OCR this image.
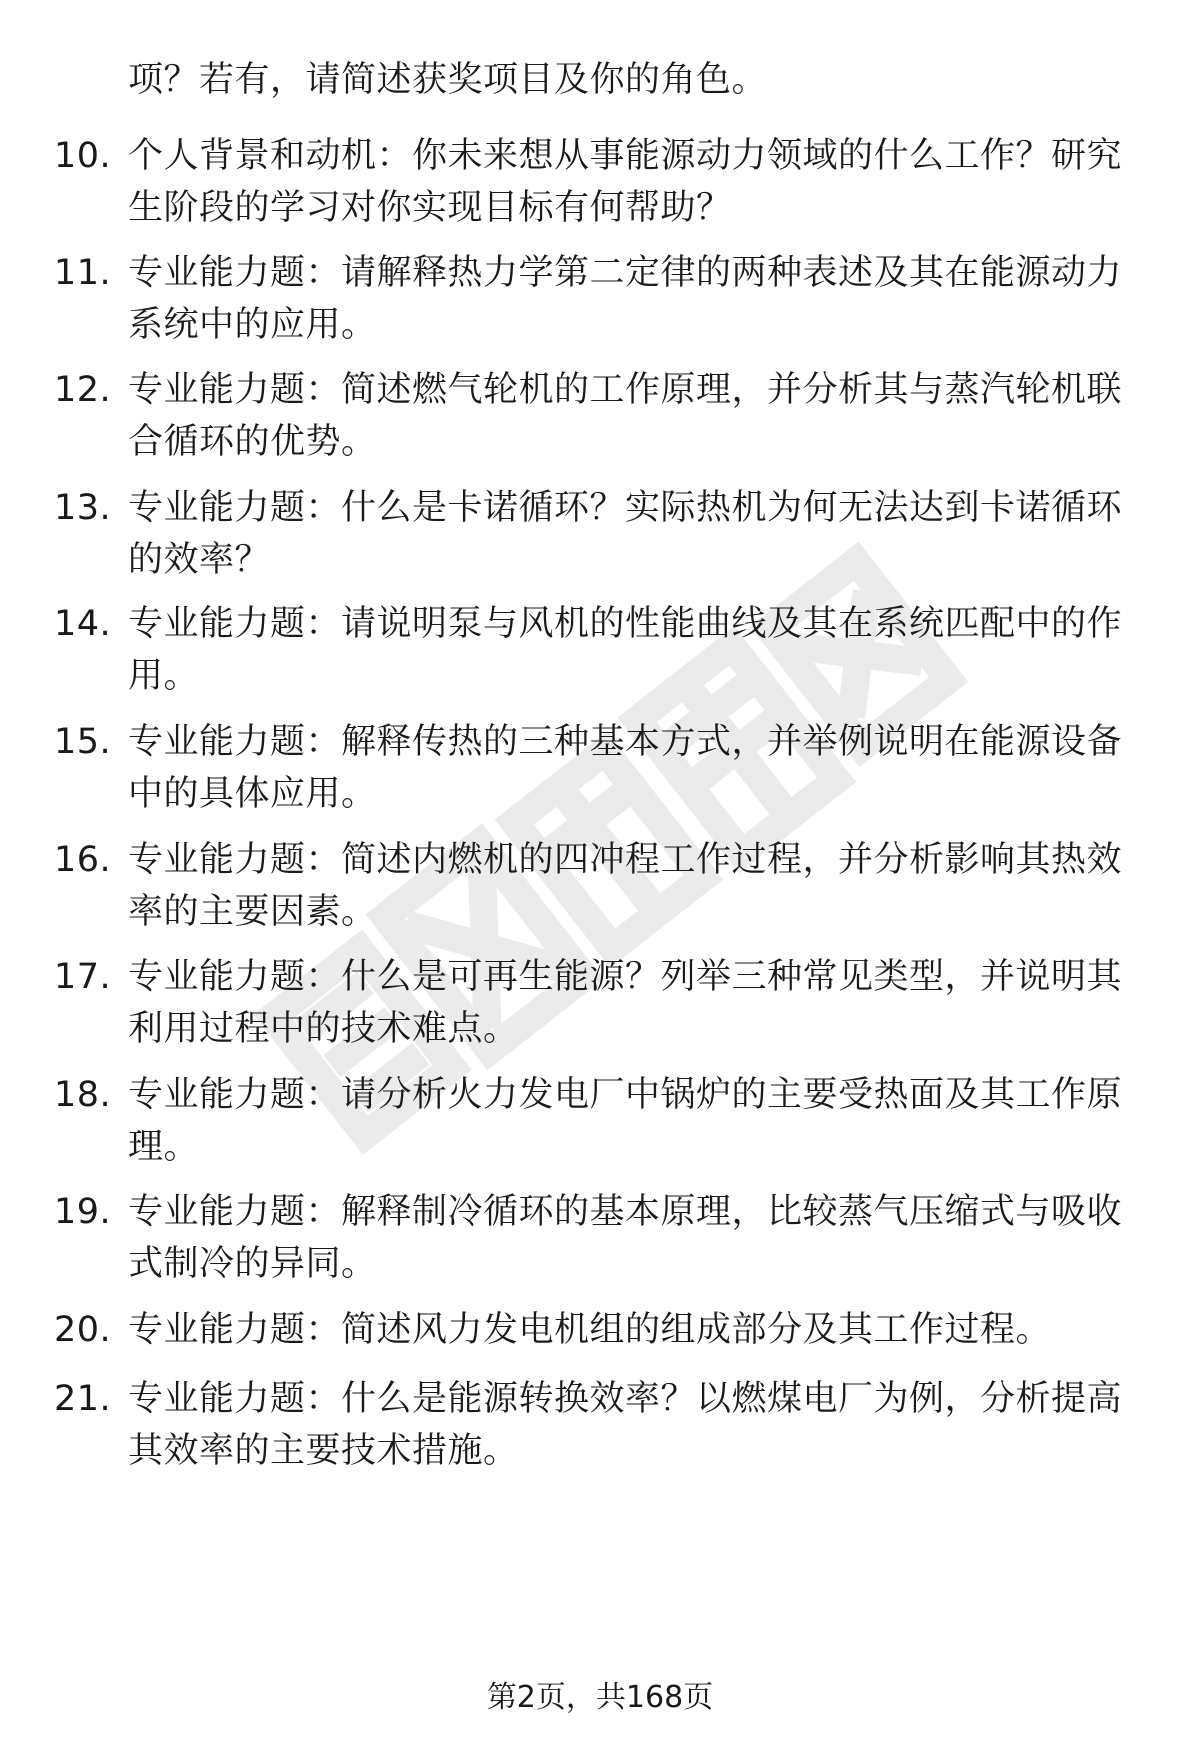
项？若有，请简述获奖项目及你的角色。
10. 个人背景和动机：你未来想从事能源动力领域的什么工作？研究生阶段的学习对你实现目标有何帮助？
11. 专业能力题：请解释热力学第二定律的两种表述及其在能源动力系统中的应用。
12. 专业能力题：简述燃气轮机的工作原理，并分析其与蒸汽轮机联合循环的优势。
13. 专业能力题：什么是卡诺循环？实际热机为何无法达到卡诺循环的效率？
14. 专业能力题：请说明泵与风机的性能曲线及其在系统匹配中的作用。
15. 专业能力题：解释传热的三种基本方式，并举例说明在能源设备中的具体应用。
16. 专业能力题：简述内燃机的四冲程工作过程，并分析影响其热效率的主要因素。
17. 专业能力题：什么是可再生能源？列举三种常见类型，并说明其利用过程中的技术难点。
18. 专业能力题：请分析火力发电厂中锅炉的主要受热面及其工作原理。
19. 专业能力题：解释制冷循环的基本原理，比较蒸气压缩式与吸收式制冷的异同。
20. 专业能力题：简述风力发电机组的组成部分及其工作过程。
21. 专业能力题：什么是能源转换效率？以燃煤电厂为例，分析提高其效率的主要技术措施。
第2页，共168页
